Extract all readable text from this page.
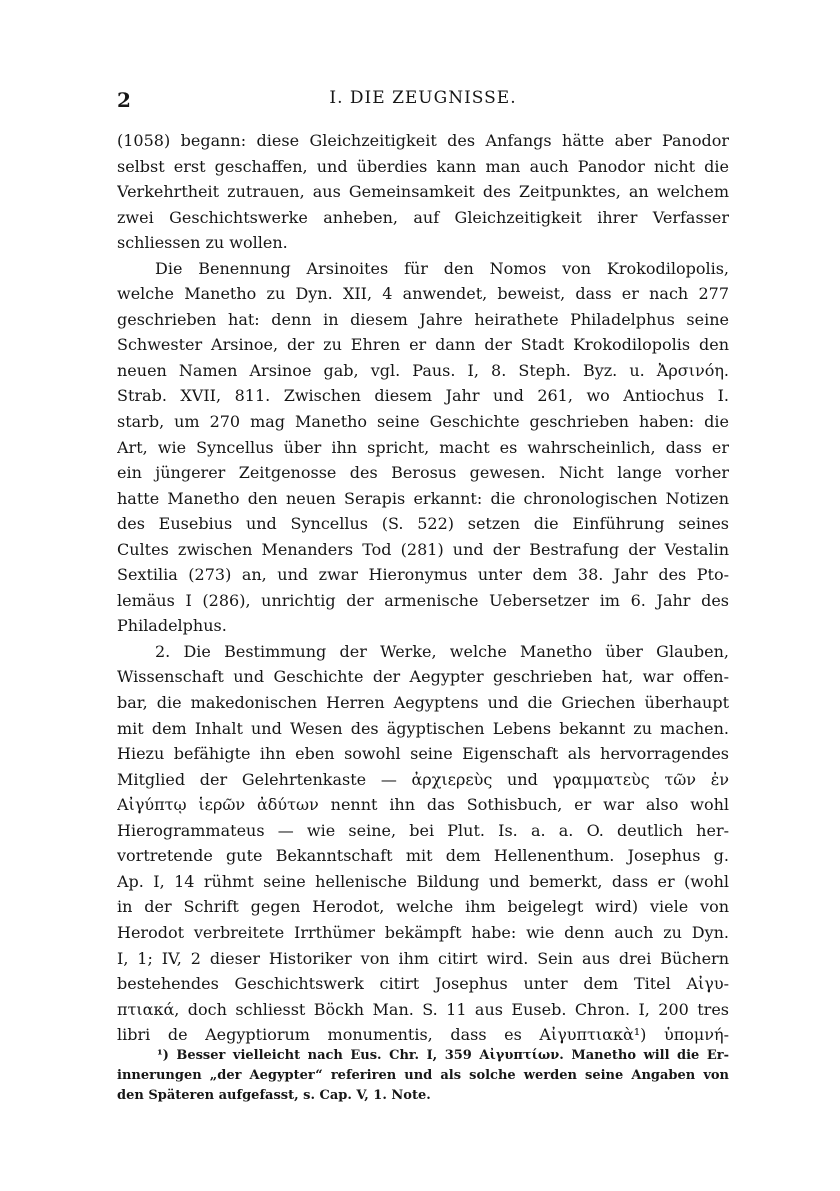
2	I. DIE ZEUGNISSE.
(1058) begann: diese Gleichzeitigkeit des Anfangs hätte aber Panodor
selbst erst geschaffen, und überdies kann man auch Panodor nicht die
Verkehrtheit zutrauen, aus Gemeinsamkeit des Zeitpunktes, an welchem
zwei Geschichtswerke anheben, auf Gleichzeitigkeit ihrer Verfasser
schliessen zu wollen.
Die Benennung Arsinoites für den Nomos von Krokodilopolis,
welche Manetho zu Dyn. XII, 4 anwendet, beweist, dass er nach 277
geschrieben hat: denn in diesem Jahre heirathete Philadelphus seine
Schwester Arsinoe, der zu Ehren er dann der Stadt Krokodilopolis den
neuen Namen Arsinoe gab, vgl. Paus. I, 8. Steph. Byz. u. Ἀρσινόη.
Strab. XVII, 811. Zwischen diesem Jahr und 261, wo Antiochus I.
starb, um 270 mag Manetho seine Geschichte geschrieben haben: die
Art, wie Syncellus über ihn spricht, macht es wahrscheinlich, dass er
ein jüngerer Zeitgenosse des Berosus gewesen. Nicht lange vorher
hatte Manetho den neuen Serapis erkannt: die chronologischen Notizen
des Eusebius und Syncellus (S. 522) setzen die Einführung seines
Cultes zwischen Menanders Tod (281) und der Bestrafung der Vestalin
Sextilia (273) an, und zwar Hieronymus unter dem 38. Jahr des Pto-
lemäus I (286), unrichtig der armenische Uebersetzer im 6. Jahr des
Philadelphus.
2. Die Bestimmung der Werke, welche Manetho über Glauben,
Wissenschaft und Geschichte der Aegypter geschrieben hat, war offen-
bar, die makedonischen Herren Aegyptens und die Griechen überhaupt
mit dem Inhalt und Wesen des ägyptischen Lebens bekannt zu machen.
Hiezu befähigte ihn eben sowohl seine Eigenschaft als hervorragendes
Mitglied der Gelehrtenkaste — ἀρχιερεὺς und γραμματεὺς τῶν ἐν
Αἰγύπτῳ ἱερῶν ἀδύτων nennt ihn das Sothisbuch, er war also wohl
Hierogrammateus — wie seine, bei Plut. Is. a. a. O. deutlich her-
vortretende gute Bekanntschaft mit dem Hellenenthum. Josephus g.
Ap. I, 14 rühmt seine hellenische Bildung und bemerkt, dass er (wohl
in der Schrift gegen Herodot, welche ihm beigelegt wird) viele von
Herodot verbreitete Irrthümer bekämpft habe: wie denn auch zu Dyn.
I, 1; IV, 2 dieser Historiker von ihm citirt wird. Sein aus drei Büchern
bestehendes Geschichtswerk citirt Josephus unter dem Titel Αἰγυ-
πτιακά, doch schliesst Böckh Man. S. 11 aus Euseb. Chron. I, 200 tres
libri de Aegyptiorum monumentis, dass es Αἰγυπτιακὰ¹) ὑπομνή-
¹) Besser vielleicht nach Eus. Chr. I, 359 Αἰγυπτίων. Manetho will die Er-
innerungen „der Aegypter“ referiren und als solche werden seine Angaben von
den Späteren aufgefasst, s. Cap. V, 1. Note.
